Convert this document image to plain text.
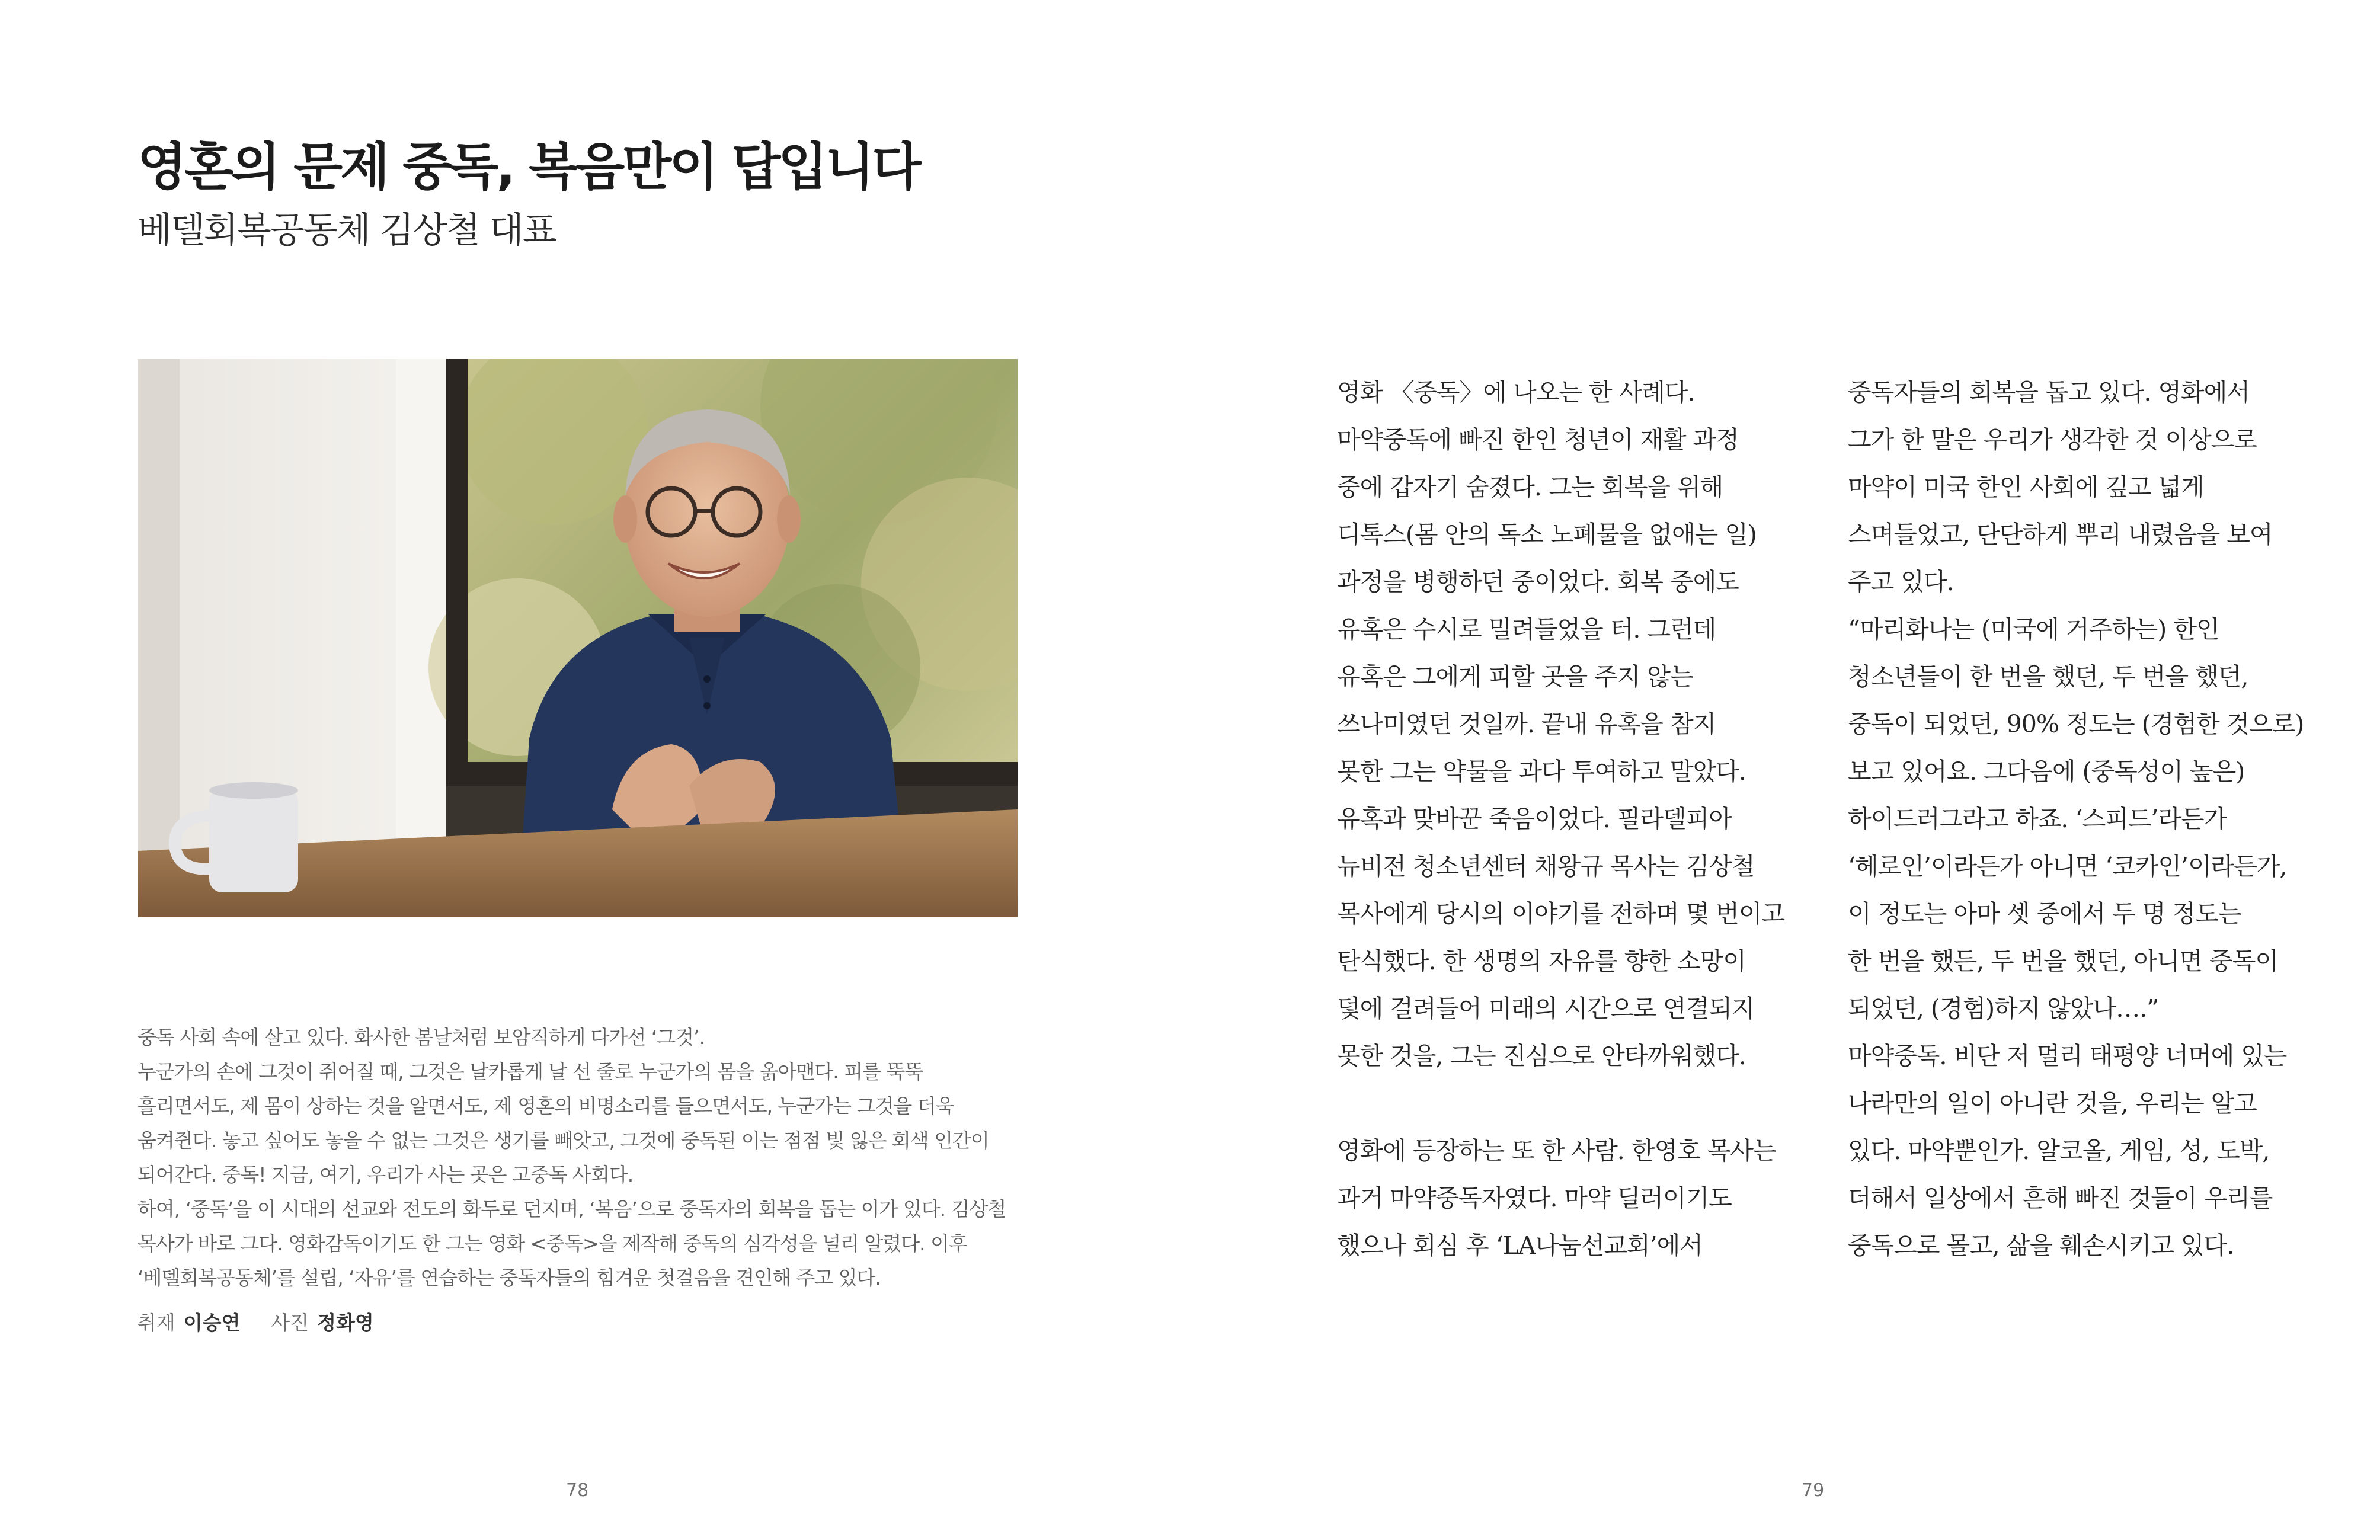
영혼의 문제 중독, 복음만이 답입니다
베델회복공동체 김상철 대표
중독 사회 속에 살고 있다. 화사한 봄날처럼 보암직하게 다가선 ‘그것’.
누군가의 손에 그것이 쥐어질 때, 그것은 날카롭게 날 선 줄로 누군가의 몸을 옭아맨다. 피를 뚝뚝
흘리면서도, 제 몸이 상하는 것을 알면서도, 제 영혼의 비명소리를 들으면서도, 누군가는 그것을 더욱
움켜쥔다. 놓고 싶어도 놓을 수 없는 그것은 생기를 빼앗고, 그것에 중독된 이는 점점 빛 잃은 회색 인간이
되어간다. 중독! 지금, 여기, 우리가 사는 곳은 고중독 사회다.
하여, ‘중독’을 이 시대의 선교와 전도의 화두로 던지며, ‘복음’으로 중독자의 회복을 돕는 이가 있다. 김상철
목사가 바로 그다. 영화감독이기도 한 그는 영화 <중독>을 제작해 중독의 심각성을 널리 알렸다. 이후
‘베델회복공동체’를 설립, ‘자유’를 연습하는 중독자들의 힘겨운 첫걸음을 견인해 주고 있다.
취재 이승연 사진 정화영
78	79
영화 〈중독〉에 나오는 한 사례다.
마약중독에 빠진 한인 청년이 재활 과정
중에 갑자기 숨졌다. 그는 회복을 위해
디톡스(몸 안의 독소 노폐물을 없애는 일)
과정을 병행하던 중이었다. 회복 중에도
유혹은 수시로 밀려들었을 터. 그런데
유혹은 그에게 피할 곳을 주지 않는
쓰나미였던 것일까. 끝내 유혹을 참지
못한 그는 약물을 과다 투여하고 말았다.
유혹과 맞바꾼 죽음이었다. 필라델피아
뉴비전 청소년센터 채왕규 목사는 김상철
목사에게 당시의 이야기를 전하며 몇 번이고
탄식했다. 한 생명의 자유를 향한 소망이
덫에 걸려들어 미래의 시간으로 연결되지
못한 것을, 그는 진심으로 안타까워했다.
영화에 등장하는 또 한 사람. 한영호 목사는
과거 마약중독자였다. 마약 딜러이기도
했으나 회심 후 ‘LA나눔선교회’에서
중독자들의 회복을 돕고 있다. 영화에서
그가 한 말은 우리가 생각한 것 이상으로
마약이 미국 한인 사회에 깊고 넓게
스며들었고, 단단하게 뿌리 내렸음을 보여
주고 있다.
“마리화나는 (미국에 거주하는) 한인
청소년들이 한 번을 했던, 두 번을 했던,
중독이 되었던, 90% 정도는 (경험한 것으로)
보고 있어요. 그다음에 (중독성이 높은)
하이드러그라고 하죠. ‘스피드’라든가
‘헤로인’이라든가 아니면 ‘코카인’이라든가,
이 정도는 아마 셋 중에서 두 명 정도는
한 번을 했든, 두 번을 했던, 아니면 중독이
되었던, (경험)하지 않았나….”
마약중독. 비단 저 멀리 태평양 너머에 있는
나라만의 일이 아니란 것을, 우리는 알고
있다. 마약뿐인가. 알코올, 게임, 성, 도박,
더해서 일상에서 흔해 빠진 것들이 우리를
중독으로 몰고, 삶을 훼손시키고 있다.
